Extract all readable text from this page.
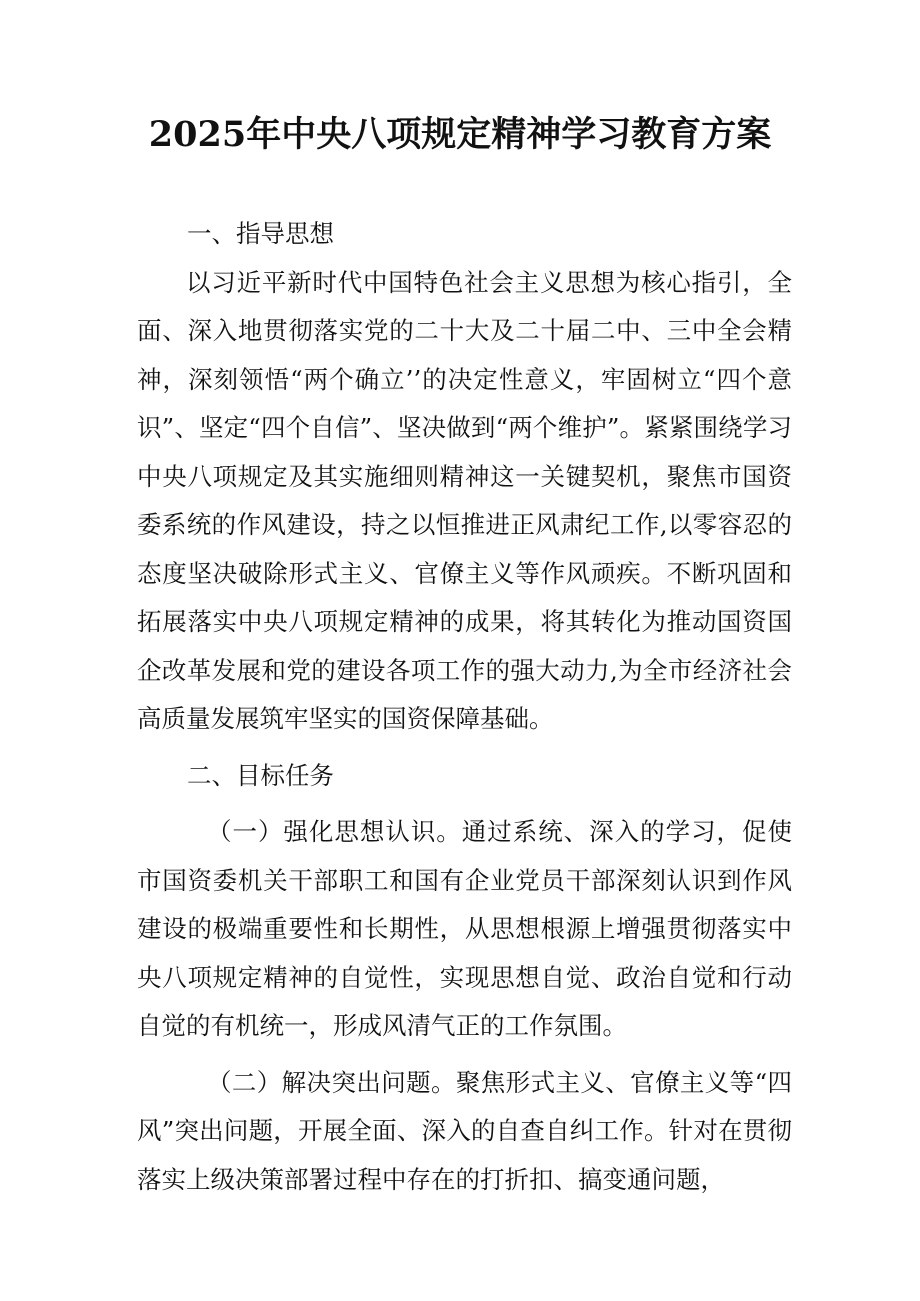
2025年中央八项规定精神学习教育方案

一、指导思想

以习近平新时代中国特色社会主义思想为核心指引，全面、深入地贯彻落实党的二十大及二十届二中、三中全会精神，深刻领悟“两个确立’’的决定性意义，牢固树立“四个意识”、坚定“四个自信”、坚决做到“两个维护”。紧紧围绕学习中央八项规定及其实施细则精神这一关键契机，聚焦市国资委系统的作风建设，持之以恒推进正风肃纪工作,以零容忍的态度坚决破除形式主义、官僚主义等作风顽疾。不断巩固和拓展落实中央八项规定精神的成果，将其转化为推动国资国企改革发展和党的建设各项工作的强大动力,为全市经济社会高质量发展筑牢坚实的国资保障基础。

二、目标任务

（一）强化思想认识。通过系统、深入的学习，促使市国资委机关干部职工和国有企业党员干部深刻认识到作风建设的极端重要性和长期性，从思想根源上增强贯彻落实中央八项规定精神的自觉性，实现思想自觉、政治自觉和行动自觉的有机统一，形成风清气正的工作氛围。

（二）解决突出问题。聚焦形式主义、官僚主义等“四风”突出问题，开展全面、深入的自查自纠工作。针对在贯彻落实上级决策部署过程中存在的打折扣、搞变通问题，
